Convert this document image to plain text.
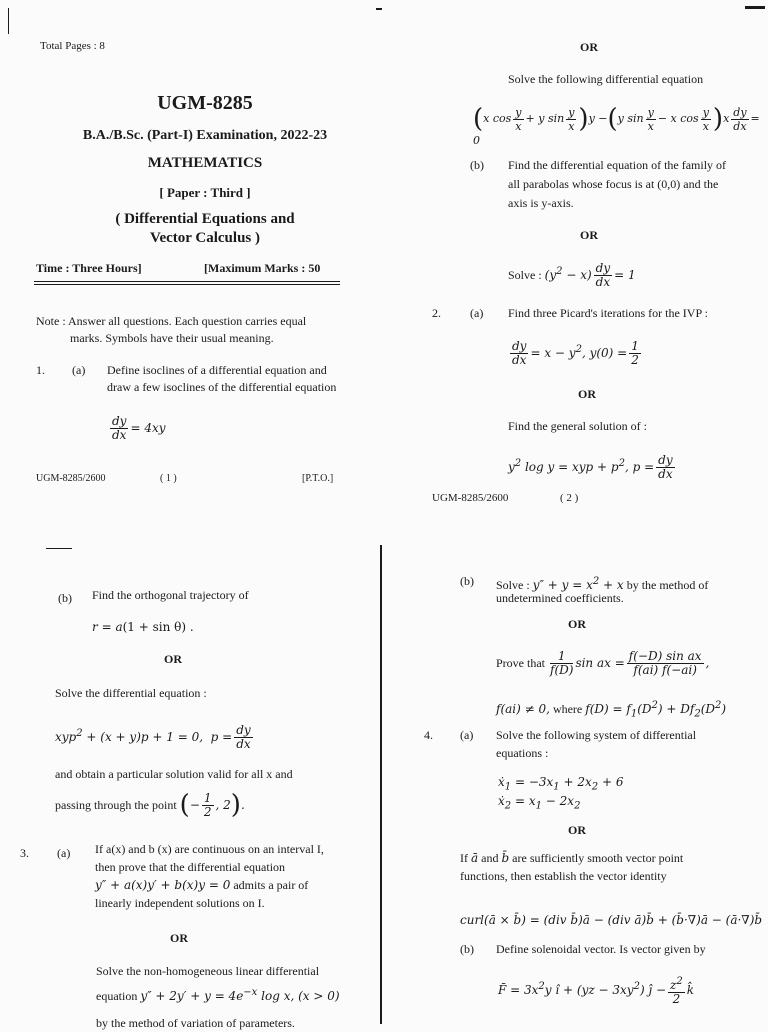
Total Pages : 8
UGM-8285
B.A./B.Sc. (Part-I) Examination, 2022-23
MATHEMATICS
[ Paper : Third ]
( Differential Equations and
Vector Calculus )
Time : Three Hours]	[Maximum Marks : 50
Note : Answer all questions. Each question carries equal
marks. Symbols have their usual meaning.
1. (a) Define isoclines of a differential equation and
draw a few isoclines of the differential equation
$\frac{dy}{dx} = 4xy$
UGM-8285/2600	( 1 )	[P.T.O.]
OR
Solve the following differential equation
(x $\cos \frac{y}{x} + y$ $\sin \frac{y}{x} )y -(y$ $\sin \frac{y}{x} - x$ $\cos \frac{y}{x} )x \frac{dy}{dx} = 0$
(b) Find the differential equation of the family of
all parabolas whose focus is at (0,0) and the
axis is y-axis.
OR
Solve : $(y^2 - x) \frac{dy}{dx} = 1$
2. (a) Find three Picard's iterations for the IVP :
$\frac{dy}{dx} = x - y^2$, $y(0) = \frac{1}{2}$
OR
Find the general solution of :
$y^2$ log y = xyp + $p^2$, $p = \frac{dy}{dx}$
UGM-8285/2600	( 2 )
(b) Find the orthogonal trajectory of
r = a(1 + sin θ) .
OR
Solve the differential equation :
xyp$^2$ + (x + y)p + 1 = 0,  $p = \frac{dy}{dx}$
and obtain a particular solution valid for all x and
passing through the point (− $\frac{1}{2}$ , 2).
3. (a) If a(x) and b (x) are continuous on an interval I,
then prove that the differential equation
y″ + a(x)y′ + b(x)y = 0 admits a pair of
linearly independent solutions on I.
OR
Solve the non-homogeneous linear differential
equation $y'' + 2y' + y = 4e^{-x}$ log x, (x > 0)
by the method of variation of parameters.
(b) Solve : $y'' + y = x^2 + x$ by the method of
undetermined coefficients.
OR
Prove that $\frac{1}{f(D)}$ sin ax = $\frac{\text{f(−D) sin ax}}{f(ai) f(-ai)}$ ,
f(ai) ≠ 0, where $f(D) = f_1(D^2) + Df_2(D^2)$
4. (a) Solve the following system of differential
equations :
ẋ$_1$ = $-3x_1 + 2x_2 + 6$
ẋ$_2$ = $x_1 - 2x_2$
OR
If ā and b̄ are sufficiently smooth vector point
functions, then establish the vector identity
curl(ā × b̄) = (div b̄)ā − (div ā)b̄ + (b̄·∇)ā − (ā·∇)b̄
(b) Define solenoidal vector. Is vector given by
F̄ = $3x^2y$ î + $(yz - 3xy^2)$ ĵ − $\frac{z^2}{2}$ k̂
